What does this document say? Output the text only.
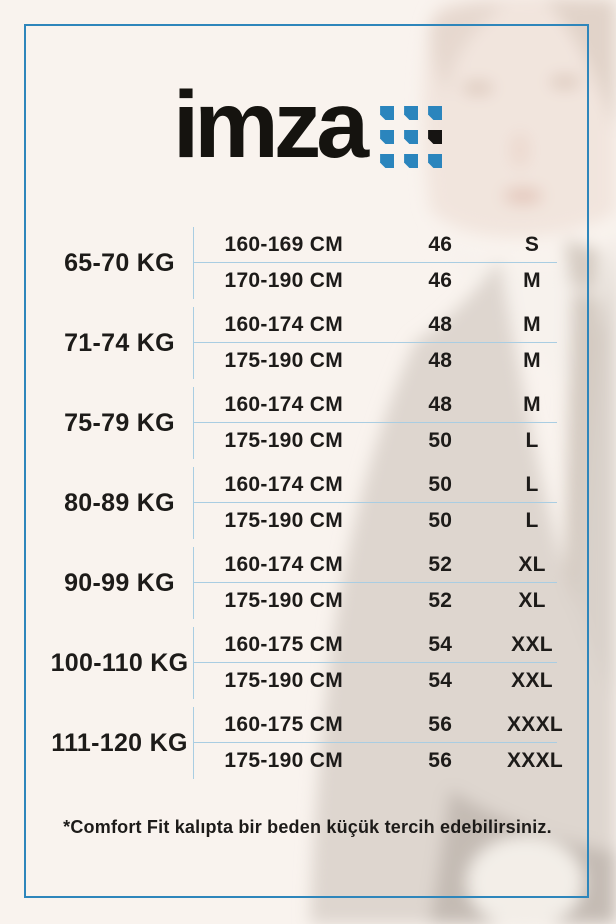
imza
65-70 KG
160-169 CM	46	S
170-190 CM	46	M
71-74 KG
160-174 CM	48	M
175-190 CM	48	M
75-79 KG
160-174 CM	48	M
175-190 CM	50	L
80-89 KG
160-174 CM	50	L
175-190 CM	50	L
90-99 KG
160-174 CM	52	XL
175-190 CM	52	XL
100-110 KG
160-175 CM	54	XXL
175-190 CM	54	XXL
111-120 KG
160-175 CM	56	XXXL
175-190 CM	56	XXXL
*Comfort Fit kalıpta bir beden küçük tercih edebilirsiniz.
